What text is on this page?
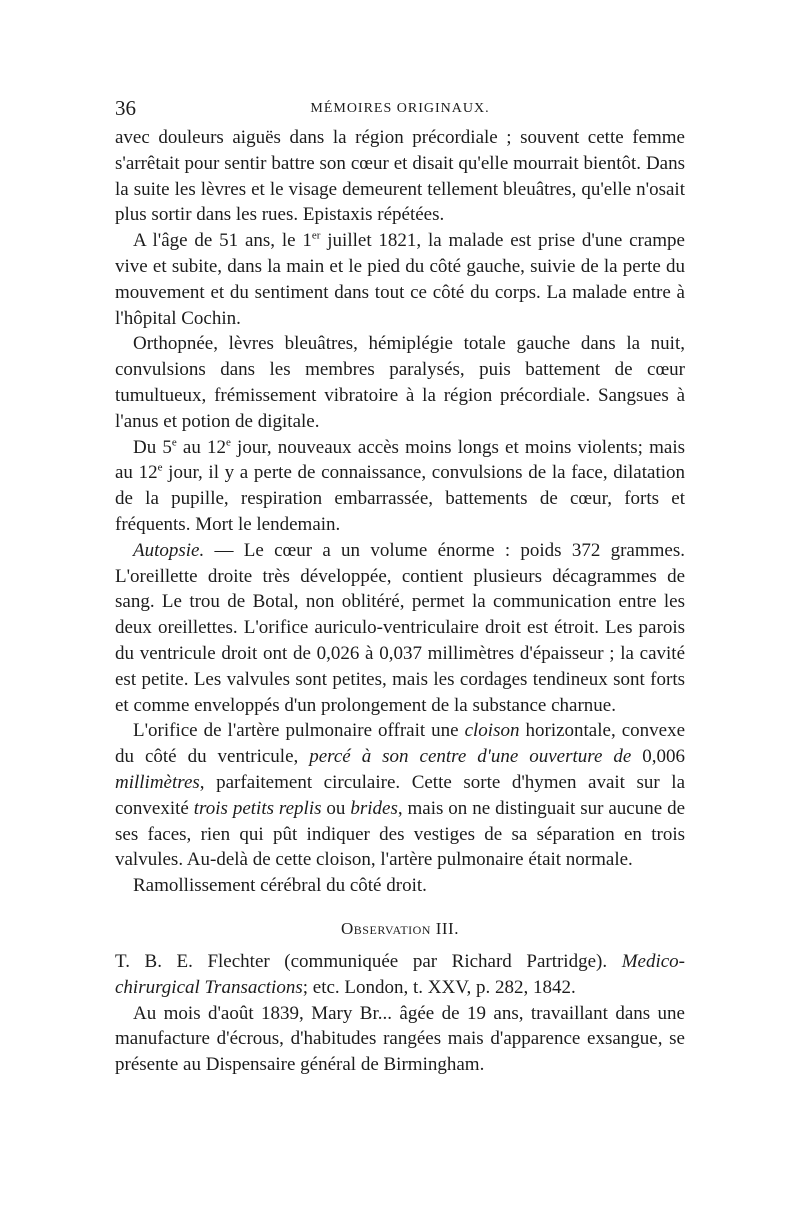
36	MÉMOIRES ORIGINAUX.

avec douleurs aiguës dans la région précordiale ; souvent cette femme s'arrêtait pour sentir battre son cœur et disait qu'elle mourrait bientôt. Dans la suite les lèvres et le visage demeurent tellement bleuâtres, qu'elle n'osait plus sortir dans les rues. Epistaxis répétées.

A l'âge de 51 ans, le 1er juillet 1821, la malade est prise d'une crampe vive et subite, dans la main et le pied du côté gauche, suivie de la perte du mouvement et du sentiment dans tout ce côté du corps. La malade entre à l'hôpital Cochin.

Orthopnée, lèvres bleuâtres, hémiplégie totale gauche dans la nuit, convulsions dans les membres paralysés, puis battement de cœur tumultueux, frémissement vibratoire à la région précordiale. Sangsues à l'anus et potion de digitale.

Du 5e au 12e jour, nouveaux accès moins longs et moins violents; mais au 12e jour, il y a perte de connaissance, convulsions de la face, dilatation de la pupille, respiration embarrassée, battements de cœur, forts et fréquents. Mort le lendemain.

Autopsie. — Le cœur a un volume énorme : poids 372 grammes. L'oreillette droite très développée, contient plusieurs décagrammes de sang. Le trou de Botal, non oblitéré, permet la communication entre les deux oreillettes. L'orifice auriculo-ventriculaire droit est étroit. Les parois du ventricule droit ont de 0,026 à 0,037 millimètres d'épaisseur ; la cavité est petite. Les valvules sont petites, mais les cordages tendineux sont forts et comme enveloppés d'un prolongement de la substance charnue.

L'orifice de l'artère pulmonaire offrait une cloison horizontale, convexe du côté du ventricule, percé à son centre d'une ouverture de 0,006 millimètres, parfaitement circulaire. Cette sorte d'hymen avait sur la convexité trois petits replis ou brides, mais on ne distinguait sur aucune de ses faces, rien qui pût indiquer des vestiges de sa séparation en trois valvules. Au-delà de cette cloison, l'artère pulmonaire était normale.

Ramollissement cérébral du côté droit.

Observation III.

T. B. E. Flechter (communiquée par Richard Partridge). Medico-chirurgical Transactions; etc. London, t. XXV, p. 282, 1842.

Au mois d'août 1839, Mary Br... âgée de 19 ans, travaillant dans une manufacture d'écrous, d'habitudes rangées mais d'apparence exsangue, se présente au Dispensaire général de Birmingham.
